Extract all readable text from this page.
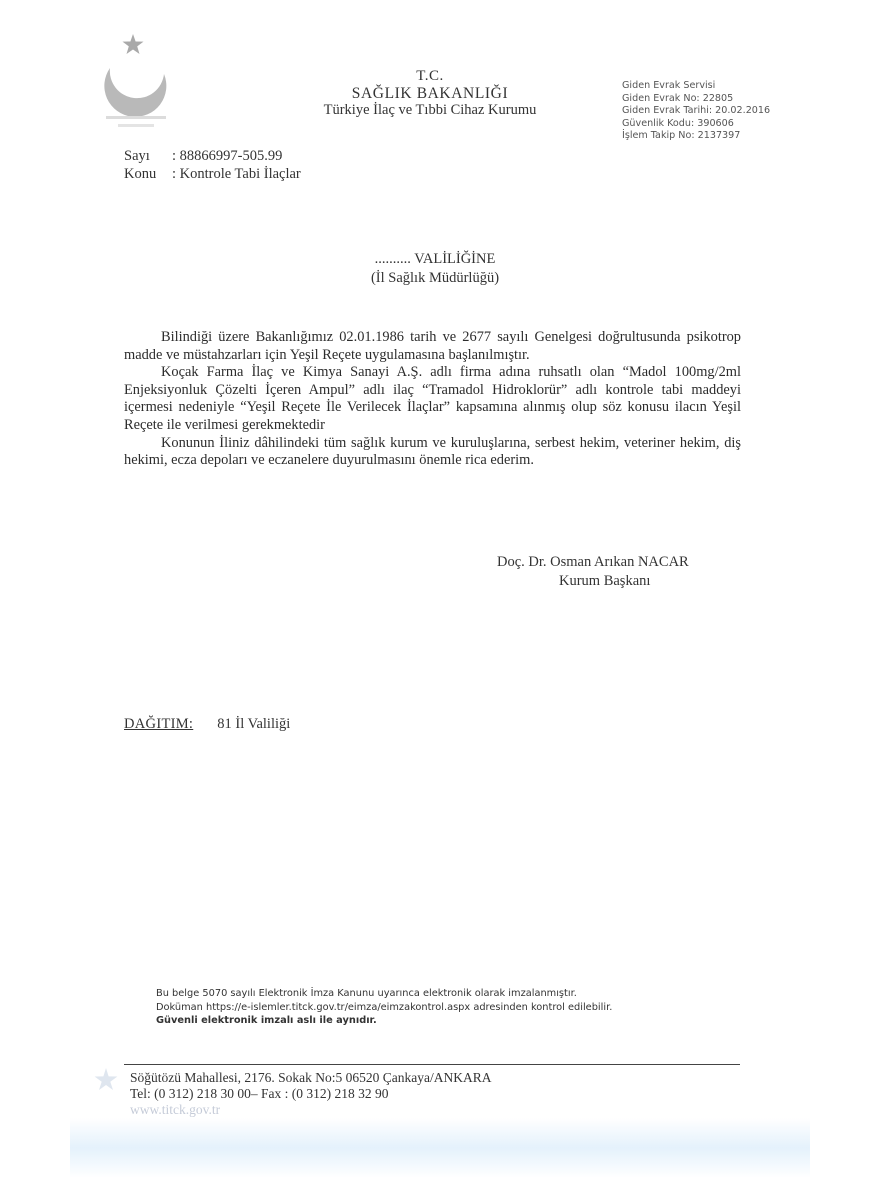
T.C.
SAĞLIK BAKANLIĞI
Türkiye İlaç ve Tıbbi Cihaz Kurumu
Giden Evrak Servisi
Giden Evrak No: 22805
Giden Evrak Tarihi: 20.02.2016
Güvenlik Kodu: 390606
İşlem Takip No: 2137397
Sayı : 88866997-505.99
Konu : Kontrole Tabi İlaçlar
.......... VALİLİĞİNE
(İl Sağlık Müdürlüğü)

Bilindiği üzere Bakanlığımız 02.01.1986 tarih ve 2677 sayılı Genelgesi doğrultusunda psikotrop madde ve müstahzarları için Yeşil Reçete uygulamasına başlanılmıştır.

Koçak Farma İlaç ve Kimya Sanayi A.Ş. adlı firma adına ruhsatlı olan “Madol 100mg/2ml Enjeksiyonluk Çözelti İçeren Ampul” adlı ilaç “Tramadol Hidroklorür” adlı kontrole tabi maddeyi içermesi nedeniyle “Yeşil Reçete İle Verilecek İlaçlar” kapsamına alınmış olup söz konusu ilacın Yeşil Reçete ile verilmesi gerekmektedir

Konunun İliniz dâhilindeki tüm sağlık kurum ve kuruluşlarına, serbest hekim, veteriner hekim, diş hekimi, ecza depoları ve eczanelere duyurulmasını önemle rica ederim.

Doç. Dr. Osman Arıkan NACAR
Kurum Başkanı
DAĞITIM: 81 İl Valiliği
Bu belge 5070 sayılı Elektronik İmza Kanunu uyarınca elektronik olarak imzalanmıştır.
Doküman https://e-islemler.titck.gov.tr/eimza/eimzakontrol.aspx adresinden kontrol edilebilir.
Güvenli elektronik imzalı aslı ile aynıdır.
Söğütözü Mahallesi, 2176. Sokak No:5 06520 Çankaya/ANKARA
Tel: (0 312) 218 30 00– Fax : (0 312) 218 32 90
www.titck.gov.tr
